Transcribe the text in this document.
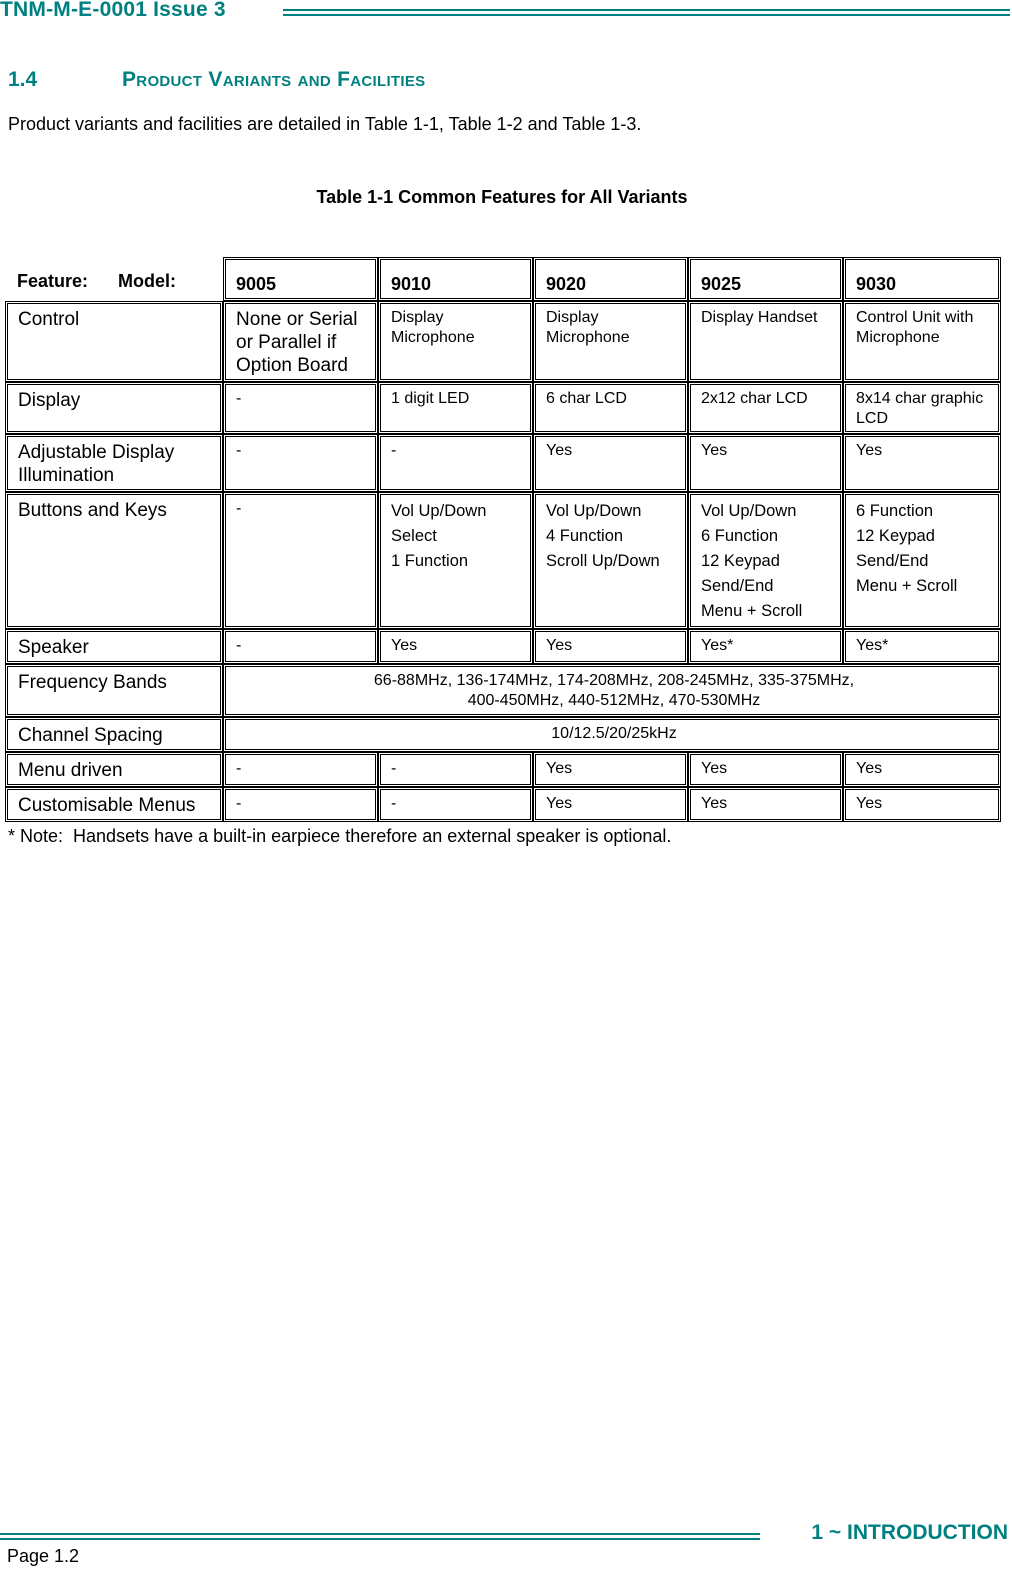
TNM-M-E-0001 Issue 3
1.4	Product Variants and Facilities
Product variants and facilities are detailed in Table 1-1, Table 1-2 and Table 1-3.
Table 1-1 Common Features for All Variants
Feature: Model:	9005	9010	9020	9025	9030
Control	None or Serial or Parallel if Option Board	Display Microphone	Display Microphone	Display Handset	Control Unit with Microphone
Display	-	1 digit LED	6 char LCD	2x12 char LCD	8x14 char graphic LCD
Adjustable Display Illumination	-	-	Yes	Yes	Yes
Buttons and Keys	-	Vol Up/Down
Select
1 Function	Vol Up/Down
4 Function
Scroll Up/Down	Vol Up/Down
6 Function
12 Keypad
Send/End
Menu + Scroll	6 Function
12 Keypad
Send/End
Menu + Scroll

Speaker	-	Yes	Yes	Yes*	Yes*
Frequency Bands	66-88MHz, 136-174MHz, 174-208MHz, 208-245MHz, 335-375MHz,
400-450MHz, 440-512MHz, 470-530MHz				

Channel Spacing	10/12.5/20/25kHz				
Menu driven	-	-	Yes	Yes	Yes
Customisable Menus	-	-	Yes	Yes	Yes
* Note: Handsets have a built-in earpiece therefore an external speaker is optional.
1 ~ INTRODUCTION
Page 1.2
